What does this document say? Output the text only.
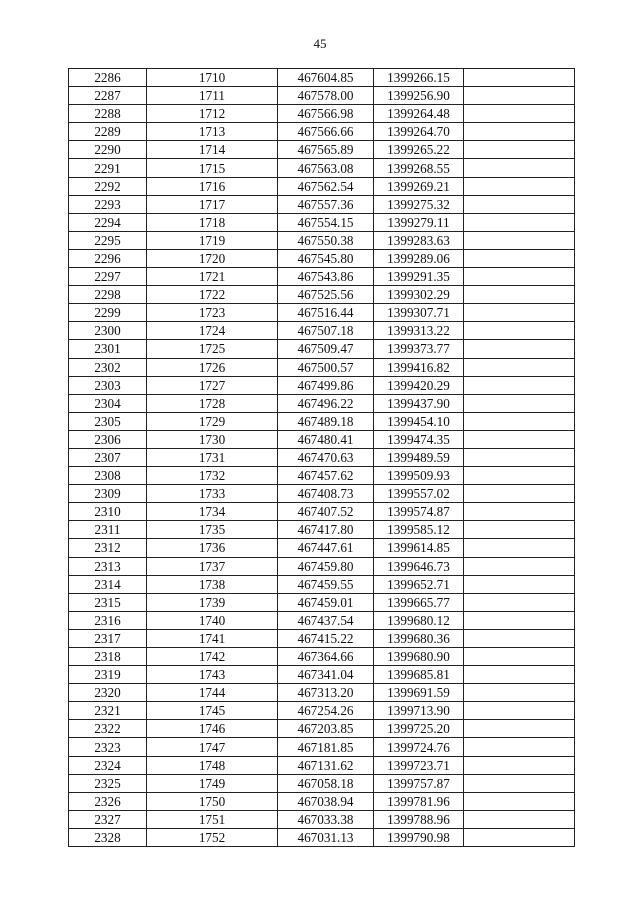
45
2286	1710	467604.85	1399266.15	
2287	1711	467578.00	1399256.90	
2288	1712	467566.98	1399264.48	
2289	1713	467566.66	1399264.70	
2290	1714	467565.89	1399265.22	
2291	1715	467563.08	1399268.55	
2292	1716	467562.54	1399269.21	
2293	1717	467557.36	1399275.32	
2294	1718	467554.15	1399279.11	
2295	1719	467550.38	1399283.63	
2296	1720	467545.80	1399289.06	
2297	1721	467543.86	1399291.35	
2298	1722	467525.56	1399302.29	
2299	1723	467516.44	1399307.71	
2300	1724	467507.18	1399313.22	
2301	1725	467509.47	1399373.77	
2302	1726	467500.57	1399416.82	
2303	1727	467499.86	1399420.29	
2304	1728	467496.22	1399437.90	
2305	1729	467489.18	1399454.10	
2306	1730	467480.41	1399474.35	
2307	1731	467470.63	1399489.59	
2308	1732	467457.62	1399509.93	
2309	1733	467408.73	1399557.02	
2310	1734	467407.52	1399574.87	
2311	1735	467417.80	1399585.12	
2312	1736	467447.61	1399614.85	
2313	1737	467459.80	1399646.73	
2314	1738	467459.55	1399652.71	
2315	1739	467459.01	1399665.77	
2316	1740	467437.54	1399680.12	
2317	1741	467415.22	1399680.36	
2318	1742	467364.66	1399680.90	
2319	1743	467341.04	1399685.81	
2320	1744	467313.20	1399691.59	
2321	1745	467254.26	1399713.90	
2322	1746	467203.85	1399725.20	
2323	1747	467181.85	1399724.76	
2324	1748	467131.62	1399723.71	
2325	1749	467058.18	1399757.87	
2326	1750	467038.94	1399781.96	
2327	1751	467033.38	1399788.96	
2328	1752	467031.13	1399790.98	
